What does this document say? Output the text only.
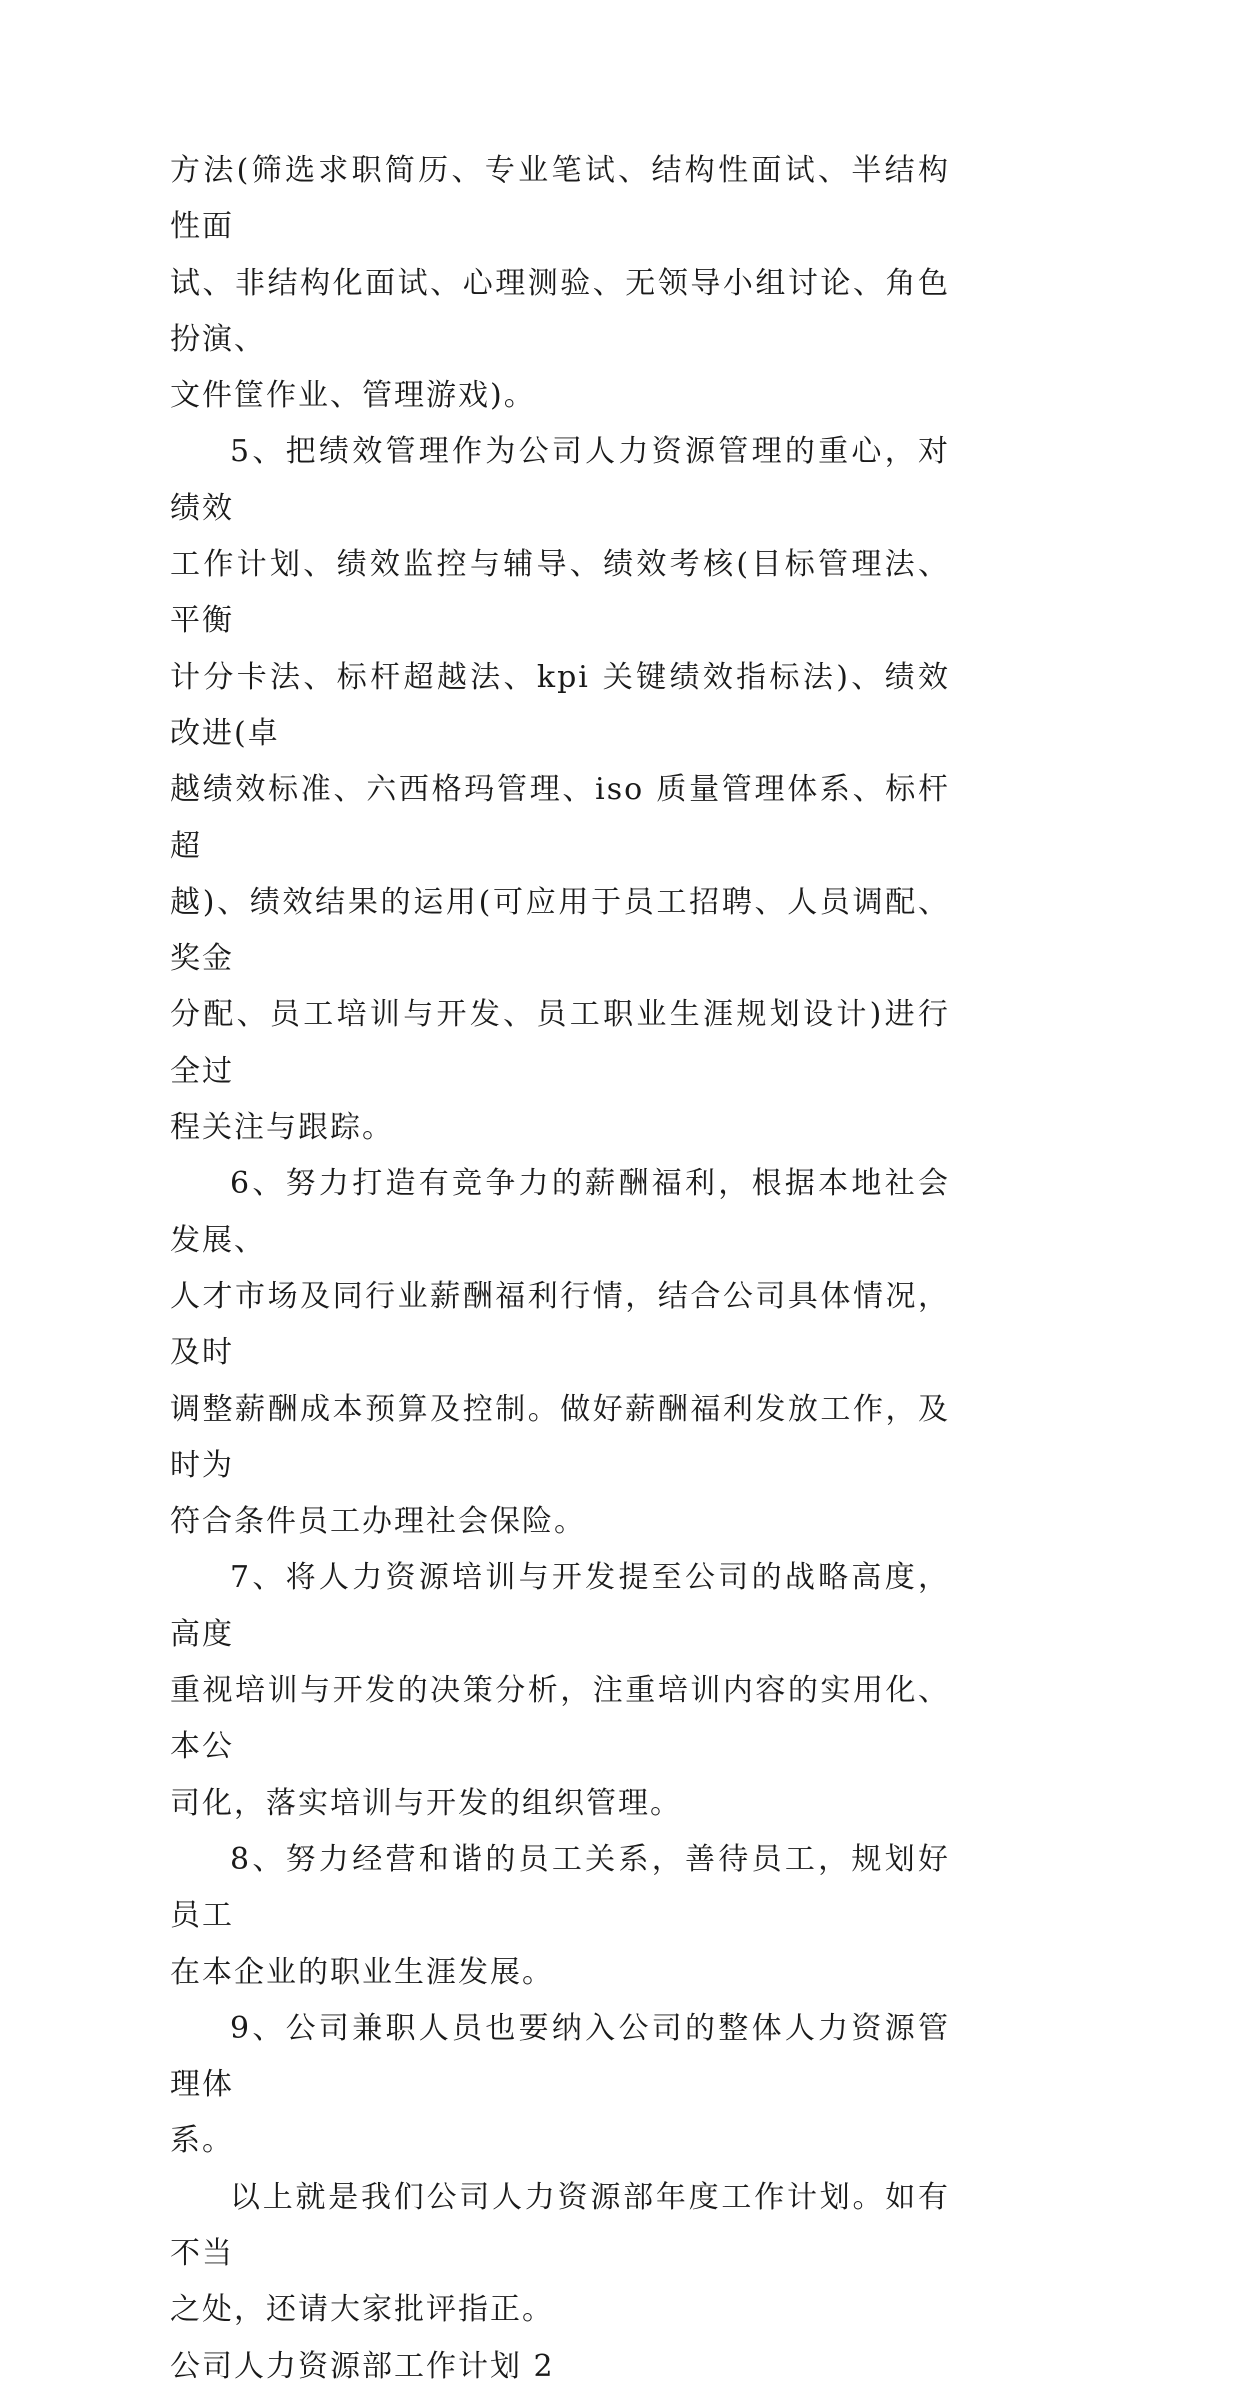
方法(筛选求职简历、专业笔试、结构性面试、半结构性面
试、非结构化面试、心理测验、无领导小组讨论、角色扮演、
文件筐作业、管理游戏)。

5、把绩效管理作为公司人力资源管理的重心，对绩效
工作计划、绩效监控与辅导、绩效考核(目标管理法、平衡
计分卡法、标杆超越法、kpi 关键绩效指标法)、绩效改进(卓
越绩效标准、六西格玛管理、iso 质量管理体系、标杆超
越)、绩效结果的运用(可应用于员工招聘、人员调配、奖金
分配、员工培训与开发、员工职业生涯规划设计)进行全过
程关注与跟踪。

6、努力打造有竞争力的薪酬福利，根据本地社会发展、
人才市场及同行业薪酬福利行情，结合公司具体情况，及时
调整薪酬成本预算及控制。做好薪酬福利发放工作，及时为
符合条件员工办理社会保险。

7、将人力资源培训与开发提至公司的战略高度，高度
重视培训与开发的决策分析，注重培训内容的实用化、本公
司化，落实培训与开发的组织管理。

8、努力经营和谐的员工关系，善待员工，规划好员工
在本企业的职业生涯发展。

9、公司兼职人员也要纳入公司的整体人力资源管理体
系。

以上就是我们公司人力资源部年度工作计划。如有不当
之处，还请大家批评指正。

公司人力资源部工作计划 2
